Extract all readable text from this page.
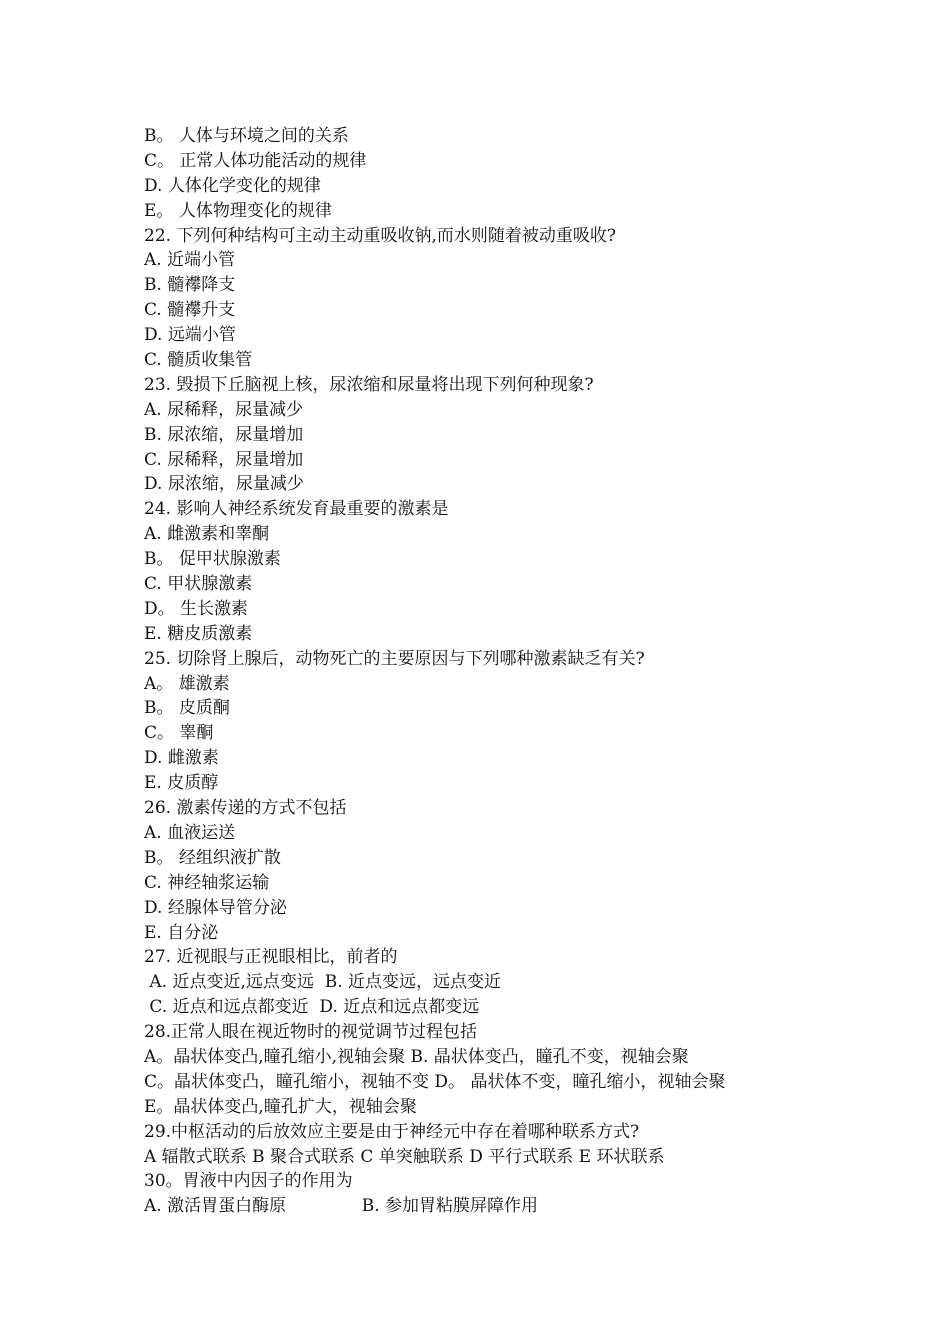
B。 人体与环境之间的关系
C。 正常人体功能活动的规律
D. 人体化学变化的规律
E。 人体物理变化的规律
22. 下列何种结构可主动主动重吸收钠,而水则随着被动重吸收?
A. 近端小管
B. 髓襻降支
C. 髓襻升支
D. 远端小管
C. 髓质收集管
23. 毁损下丘脑视上核，尿浓缩和尿量将出现下列何种现象?
A. 尿稀释，尿量减少
B. 尿浓缩，尿量增加
C. 尿稀释，尿量增加
D. 尿浓缩，尿量减少
24. 影响人神经系统发育最重要的激素是
A. 雌激素和睾酮
B。 促甲状腺激素
C. 甲状腺激素
D。 生长激素
E. 糖皮质激素
25. 切除肾上腺后，动物死亡的主要原因与下列哪种激素缺乏有关?
A。 雄激素
B。 皮质酮
C。 睾酮
D. 雌激素
E. 皮质醇
26. 激素传递的方式不包括
A. 血液运送
B。 经组织液扩散
C. 神经轴浆运输
D. 经腺体导管分泌
E. 自分泌
27. 近视眼与正视眼相比，前者的
A. 近点变近,远点变远  B. 近点变远，远点变近
C. 近点和远点都变近  D. 近点和远点都变远
28.正常人眼在视近物时的视觉调节过程包括
A。晶状体变凸,瞳孔缩小,视轴会聚 B. 晶状体变凸，瞳孔不变，视轴会聚
C。晶状体变凸，瞳孔缩小，视轴不变 D。 晶状体不变，瞳孔缩小，视轴会聚
E。晶状体变凸,瞳孔扩大，视轴会聚
29.中枢活动的后放效应主要是由于神经元中存在着哪种联系方式?
A 辐散式联系 B 聚合式联系 C 单突触联系 D 平行式联系 E 环状联系
30。胃液中内因子的作用为
A. 激活胃蛋白酶原              B. 参加胃粘膜屏障作用
